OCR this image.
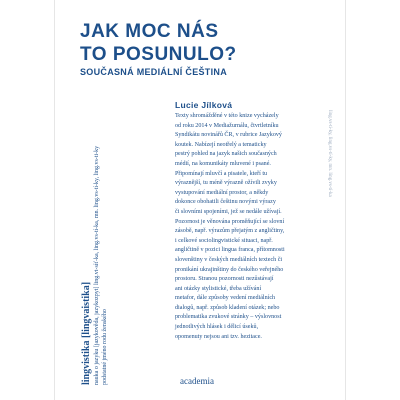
JAK MOC NÁS
TO POSUNULO?
SOUČASNÁ MEDIÁLNÍ ČEŠTINA
lingvistika [lingvaistika] nauka o jazyku [jazykověda, jazykozpyt] ling.vt-síť-ka, ling.vs-tí-ka, mn. ling.vs-tí-ky, ling.vs-ti-ky podstatné jméno rodu ženského
Lucie Jílková
Texty shromážděné v této knize vycházely
od roku 2014 v Mediažurnálu, čtvrtletníku
Syndikátu novinářů ČR, v rubrice Jazykový
koutek. Nabízejí neotřelý a tematicky
pestrý pohled na jazyk našich současných
médií, na komunikáty mluvené i psané.
Připomínají mluvčí a pisatele, kteří tu
výraznější, tu méně výrazně ožívili zvyky
vystupování mediální prostor, a někdy
dokonce obohatili češtinu novými výrazy
či slovními spojeními, jež se nedále užívají.
Pozornost je věnována proměňující se slovní
zásobě, např. výrazům přejatým z angličtiny,
i celkové sociolingvistické situaci, např.
angličtině v pozici lingua franca, přítomnosti
slovenštiny v českých mediálních textech či
pronikání ukrajinštiny do českého veřejného
prostoru. Stranou pozornosti nezůstávají
ani otázky stylistické, třeba užívání
metafor, dále způsoby vedení mediálních
dialogů, např. způsob kladení otázek; nebo
problematika zvukové stránky – výslovnost
jednotlivých hlásek i dělicí úseků,
opomenuty nejsou ani tzv. hezitace.
ling.vs-ti-ky, ling.vs-tí-ky, mn. ling.vs-tí-ka
academia
